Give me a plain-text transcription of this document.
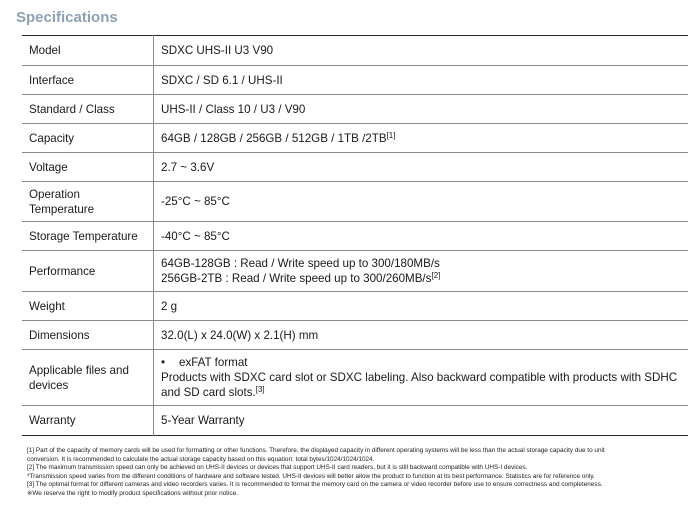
Specifications
Model	SDXC UHS-II U3 V90
Interface	SDXC / SD 6.1 / UHS-II
Standard / Class	UHS-II / Class 10 / U3 / V90
Capacity	64GB / 128GB / 256GB / 512GB / 1TB /2TB[1]
Voltage	2.7 ~ 3.6V
Operation
Temperature	-25°C ~ 85°C
Storage Temperature	-40°C ~ 85°C
Performance	64GB-128GB : Read / Write speed up to 300/180MB/s
256GB-2TB : Read / Write speed up to 300/260MB/s[2]
Weight	2 g
Dimensions	32.0(L) x 24.0(W) x 2.1(H) mm
Applicable files and
devices	• exFAT format
Products with SDXC card slot or SDXC labeling. Also backward compatible with products with SDHC
and SD card slots.[3]
Warranty	5-Year Warranty
[1] Part of the capacity of memory cards will be used for formatting or other functions. Therefore, the displayed capacity in different operating systems will be less than the actual storage capacity due to unit
conversion. It is recommended to calculate the actual storage capacity based on this equation: total bytes/1024/1024/1024.
[2] The maximum transmission speed can only be achieved on UHS-II devices or devices that support UHS-II card readers, but it is still backward compatible with UHS-I devices.
*Transmission speed varies from the different conditions of hardware and software tested. UHS-II devices will better allow the product to function at its best performance. Statistics are for reference only.
[3] The optimal format for different cameras and video recorders varies. It is recommended to format the memory card on the camera or video recorder before use to ensure correctness and completeness.
※We reserve the right to modify product specifications without prior notice.
